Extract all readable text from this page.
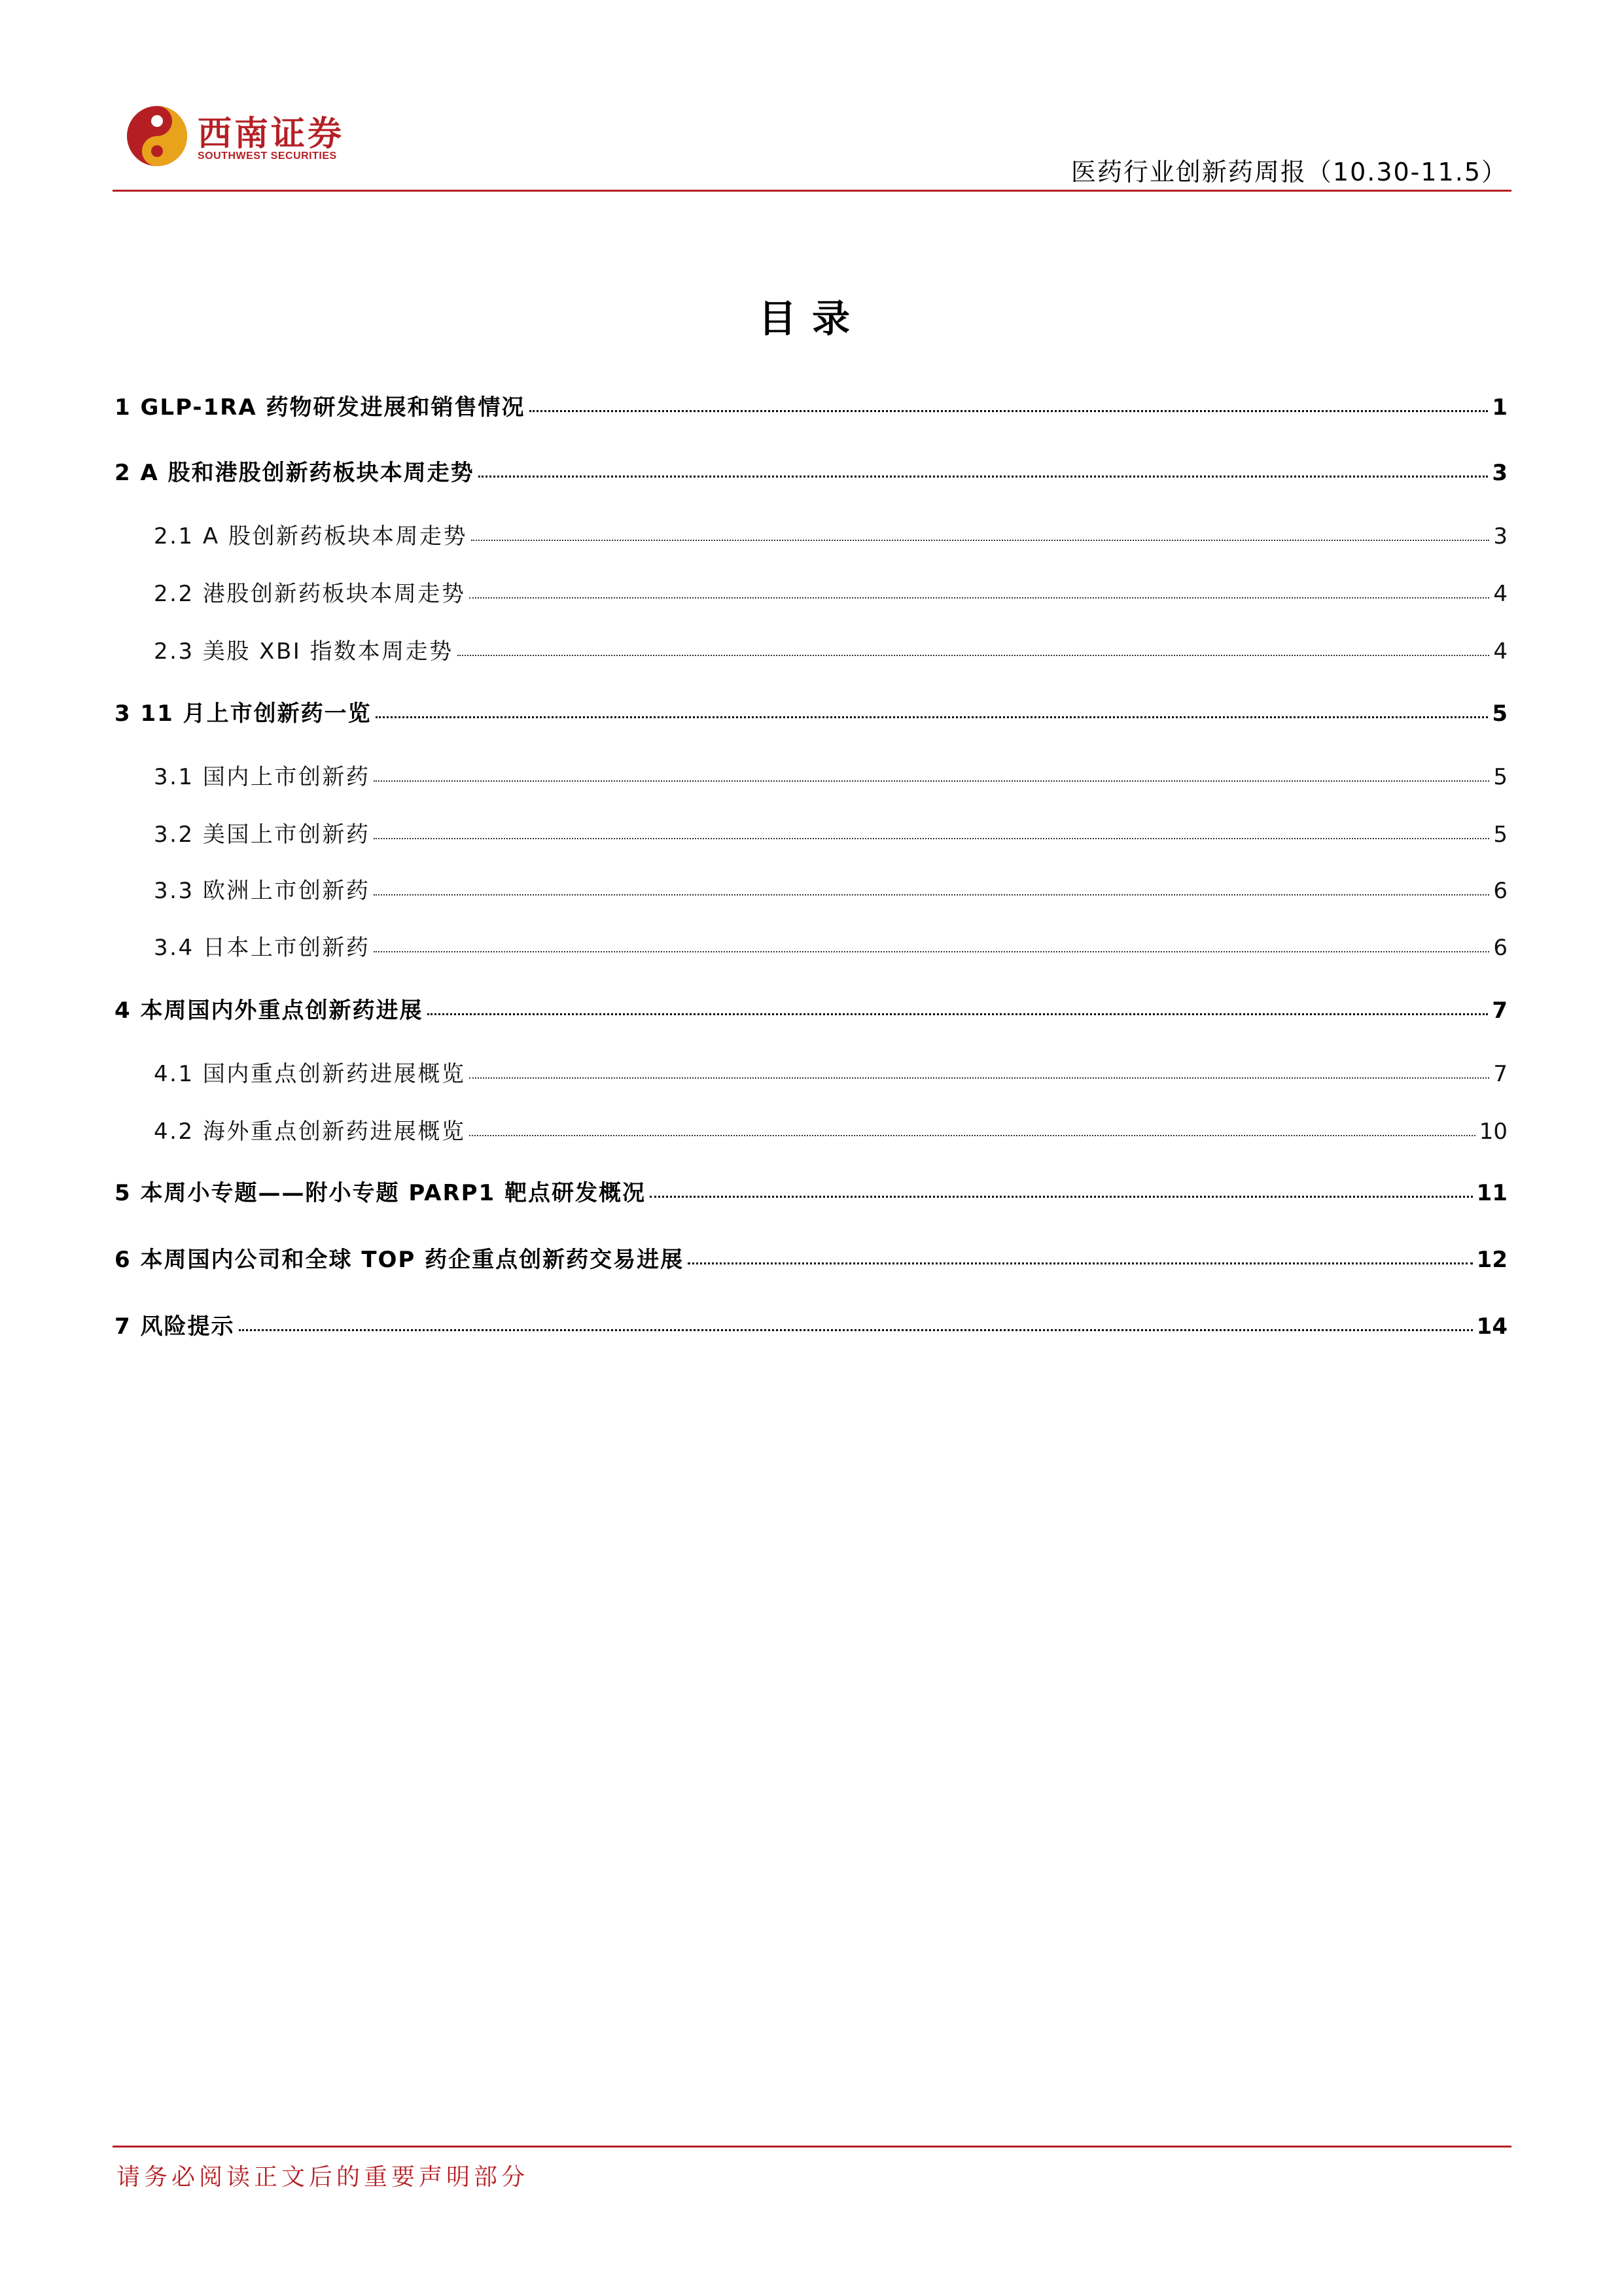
西南证券
SOUTHWEST SECURITIES
医药行业创新药周报（10.30-11.5）
目录
1 GLP-1RA 药物研发进展和销售情况	1
2 A 股和港股创新药板块本周走势	3
2.1 A 股创新药板块本周走势	3
2.2 港股创新药板块本周走势	4
2.3 美股 XBI 指数本周走势	4
3 11 月上市创新药一览	5
3.1 国内上市创新药	5
3.2 美国上市创新药	5
3.3 欧洲上市创新药	6
3.4 日本上市创新药	6
4 本周国内外重点创新药进展	7
4.1 国内重点创新药进展概览	7
4.2 海外重点创新药进展概览	10
5 本周小专题——附小专题 PARP1 靶点研发概况	11
6 本周国内公司和全球 TOP 药企重点创新药交易进展	12
7 风险提示	14
请务必阅读正文后的重要声明部分
